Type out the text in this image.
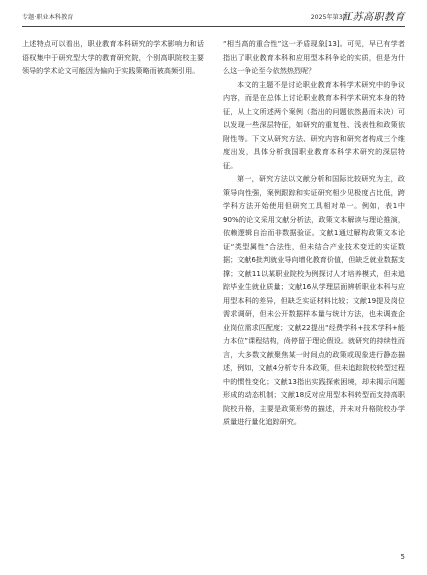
专题·职业本科教育	2025年第3期
江苏高职教育

上述特点可以看出，职业教育本科研究的学术影响力和话语权集中于研究型大学的教育研究院，个别高职院校主要领导的学术论文可能因为偏向于实践策略而被高频引用。

“相当高的重合性”这一矛盾现象[13]。可见，早已有学者指出了职业教育本科和应用型本科争论的实质，但是为什么这一争论至今依然热烈呢？

本文的主题不是讨论职业教育本科学术研究中的争议内容，而是在总体上讨论职业教育本科学术研究本身的特征，从上文所述两个案例（指出的问题依然悬而未决）可以发现一些深层特征，如研究的重复性、浅表性和政策依附性等。下文从研究方法、研究内容和研究者构成三个维度出发，具体分析我国职业教育本科学术研究的深层特征。

第一，研究方法以文献分析和国际比较研究为主，政策导向性强，案例跟踪和实证研究相少见极度占比低，跨学科方法开始使用但研究工具相对单一。例如，表1中90%的论文采用文献分析法，政策文本解读与理论推演，依赖逻辑自治而非数据验证。文献1通过解构政策文本论证“类型属性”合法性，但未结合产业技术变迁的实证数据；文献6批判就业导向增化教育价值，但缺乏就业数据支撑；文献11以某职业院校为例探讨人才培养模式，但未追踪毕业生就业质量；文献16从学理层面辨析职业本科与应用型本科的差异，但缺乏实证材料比较；文献19提及岗位需求调研，但未公开数据样本量与统计方法，也未调查企业岗位需求匹配度；文献22提出“经费学科+技术学科+能力本位”课程结构，尚停留于理论假设。就研究的持续性而言，大多数文献聚焦某一时间点的政策或现象进行静态描述，例如，文献4分析专升本政策，但未追踪院校转型过程中的惯性变化；文献13指出实践探索困境，却未揭示问题形成的动态机制；文献18反对应用型本科转型而支持高职院校升格，主要是政策形势的描述，并未对升格院校办学质量进行量化追踪研究。

5
